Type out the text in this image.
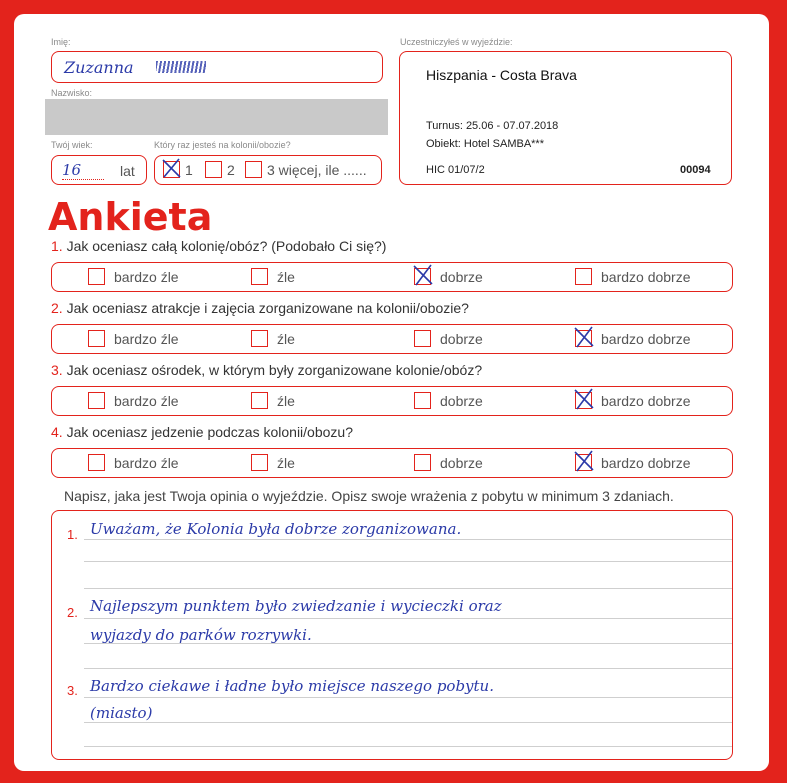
Imię:
Zuzanna
Nazwisko:
Twój wiek:
16	lat
Który raz jesteś na kolonii/obozie?
1 2 3 więcej, ile ......
Uczestniczyłeś w wyjeździe:
Hiszpania - Costa Brava
Turnus: 25.06 - 07.07.2018
Obiekt: Hotel SAMBA***
HIC 01/07/2	00094
Ankieta
1. Jak oceniasz całą kolonię/obóz? (Podobało Ci się?)
bardzo źle	źle	dobrze	bardzo dobrze
2. Jak oceniasz atrakcje i zajęcia zorganizowane na kolonii/obozie?
bardzo źle	źle	dobrze	bardzo dobrze
3. Jak oceniasz ośrodek, w którym były zorganizowane kolonie/obóz?
bardzo źle	źle	dobrze	bardzo dobrze
4. Jak oceniasz jedzenie podczas kolonii/obozu?
bardzo źle	źle	dobrze	bardzo dobrze
Napisz, jaka jest Twoja opinia o wyjeździe. Opisz swoje wrażenia z pobytu w minimum 3 zdaniach.
1. Uważam, że Kolonia była dobrze zorganizowana.
2. Najlepszym punktem było zwiedzanie i wycieczki oraz
wyjazdy do parków rozrywki.
3. Bardzo ciekawe i ładne było miejsce naszego pobytu.
(miasto)
